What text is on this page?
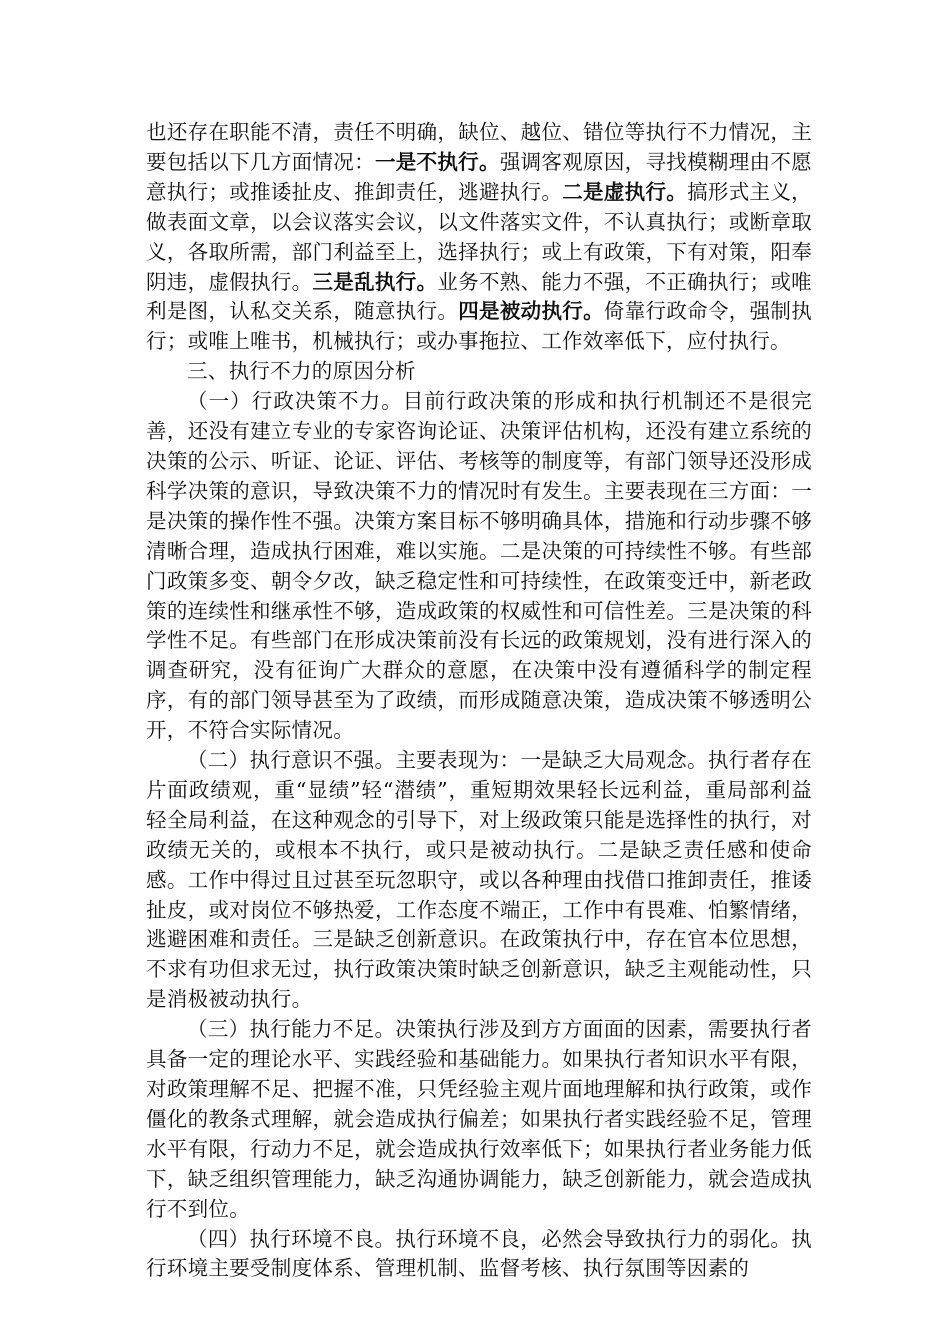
也还存在职能不清，责任不明确，缺位、越位、错位等执行不力情况，主要包括以下几方面情况：一是不执行。强调客观原因，寻找模糊理由不愿意执行；或推诿扯皮、推卸责任，逃避执行。二是虚执行。搞形式主义，做表面文章，以会议落实会议，以文件落实文件，不认真执行；或断章取义，各取所需，部门利益至上，选择执行；或上有政策，下有对策，阳奉阴违，虚假执行。三是乱执行。业务不熟、能力不强，不正确执行；或唯利是图，认私交关系，随意执行。四是被动执行。倚靠行政命令，强制执行；或唯上唯书，机械执行；或办事拖拉、工作效率低下，应付执行。

三、执行不力的原因分析

（一）行政决策不力。目前行政决策的形成和执行机制还不是很完善，还没有建立专业的专家咨询论证、决策评估机构，还没有建立系统的决策的公示、听证、论证、评估、考核等的制度等，有部门领导还没形成科学决策的意识，导致决策不力的情况时有发生。主要表现在三方面：一是决策的操作性不强。决策方案目标不够明确具体，措施和行动步骤不够清晰合理，造成执行困难，难以实施。二是决策的可持续性不够。有些部门政策多变、朝令夕改，缺乏稳定性和可持续性，在政策变迁中，新老政策的连续性和继承性不够，造成政策的权威性和可信性差。三是决策的科学性不足。有些部门在形成决策前没有长远的政策规划，没有进行深入的调查研究，没有征询广大群众的意愿，在决策中没有遵循科学的制定程序，有的部门领导甚至为了政绩，而形成随意决策，造成决策不够透明公开，不符合实际情况。

（二）执行意识不强。主要表现为：一是缺乏大局观念。执行者存在片面政绩观，重“显绩”轻“潜绩”，重短期效果轻长远利益，重局部利益轻全局利益，在这种观念的引导下，对上级政策只能是选择性的执行，对政绩无关的，或根本不执行，或只是被动执行。二是缺乏责任感和使命感。工作中得过且过甚至玩忽职守，或以各种理由找借口推卸责任，推诿扯皮，或对岗位不够热爱，工作态度不端正，工作中有畏难、怕繁情绪，逃避困难和责任。三是缺乏创新意识。在政策执行中，存在官本位思想，不求有功但求无过，执行政策决策时缺乏创新意识，缺乏主观能动性，只是消极被动执行。

（三）执行能力不足。决策执行涉及到方方面面的因素，需要执行者具备一定的理论水平、实践经验和基础能力。如果执行者知识水平有限，对政策理解不足、把握不准，只凭经验主观片面地理解和执行政策，或作僵化的教条式理解，就会造成执行偏差；如果执行者实践经验不足，管理水平有限，行动力不足，就会造成执行效率低下；如果执行者业务能力低下，缺乏组织管理能力，缺乏沟通协调能力，缺乏创新能力，就会造成执行不到位。

（四）执行环境不良。执行环境不良，必然会导致执行力的弱化。执行环境主要受制度体系、管理机制、监督考核、执行氛围等因素的
